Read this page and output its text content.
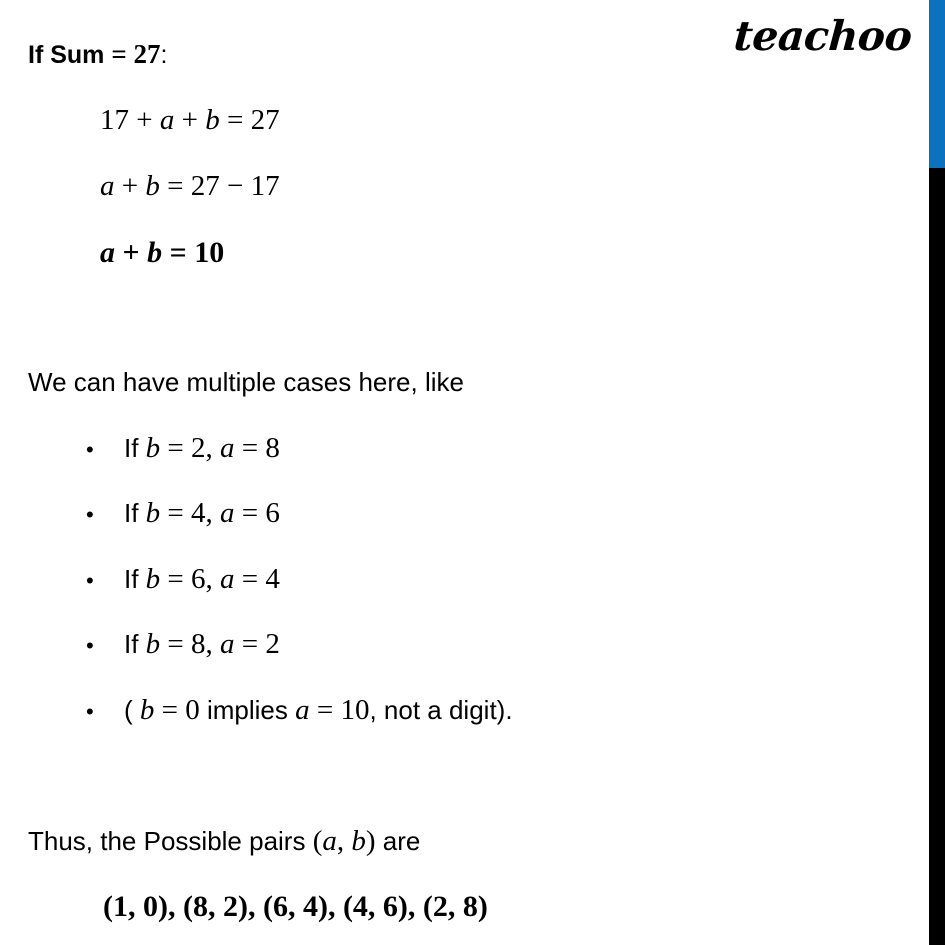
teachoo
If Sum = 27:
17 + a + b = 27
a + b = 27 − 17
a + b = 10
We can have multiple cases here, like
• If b = 2, a = 8
• If b = 4, a = 6
• If b = 6, a = 4
• If b = 8, a = 2
• ( b = 0 implies a = 10, not a digit).
Thus, the Possible pairs (a, b) are
(1, 0), (8, 2), (6, 4), (4, 6), (2, 8)
